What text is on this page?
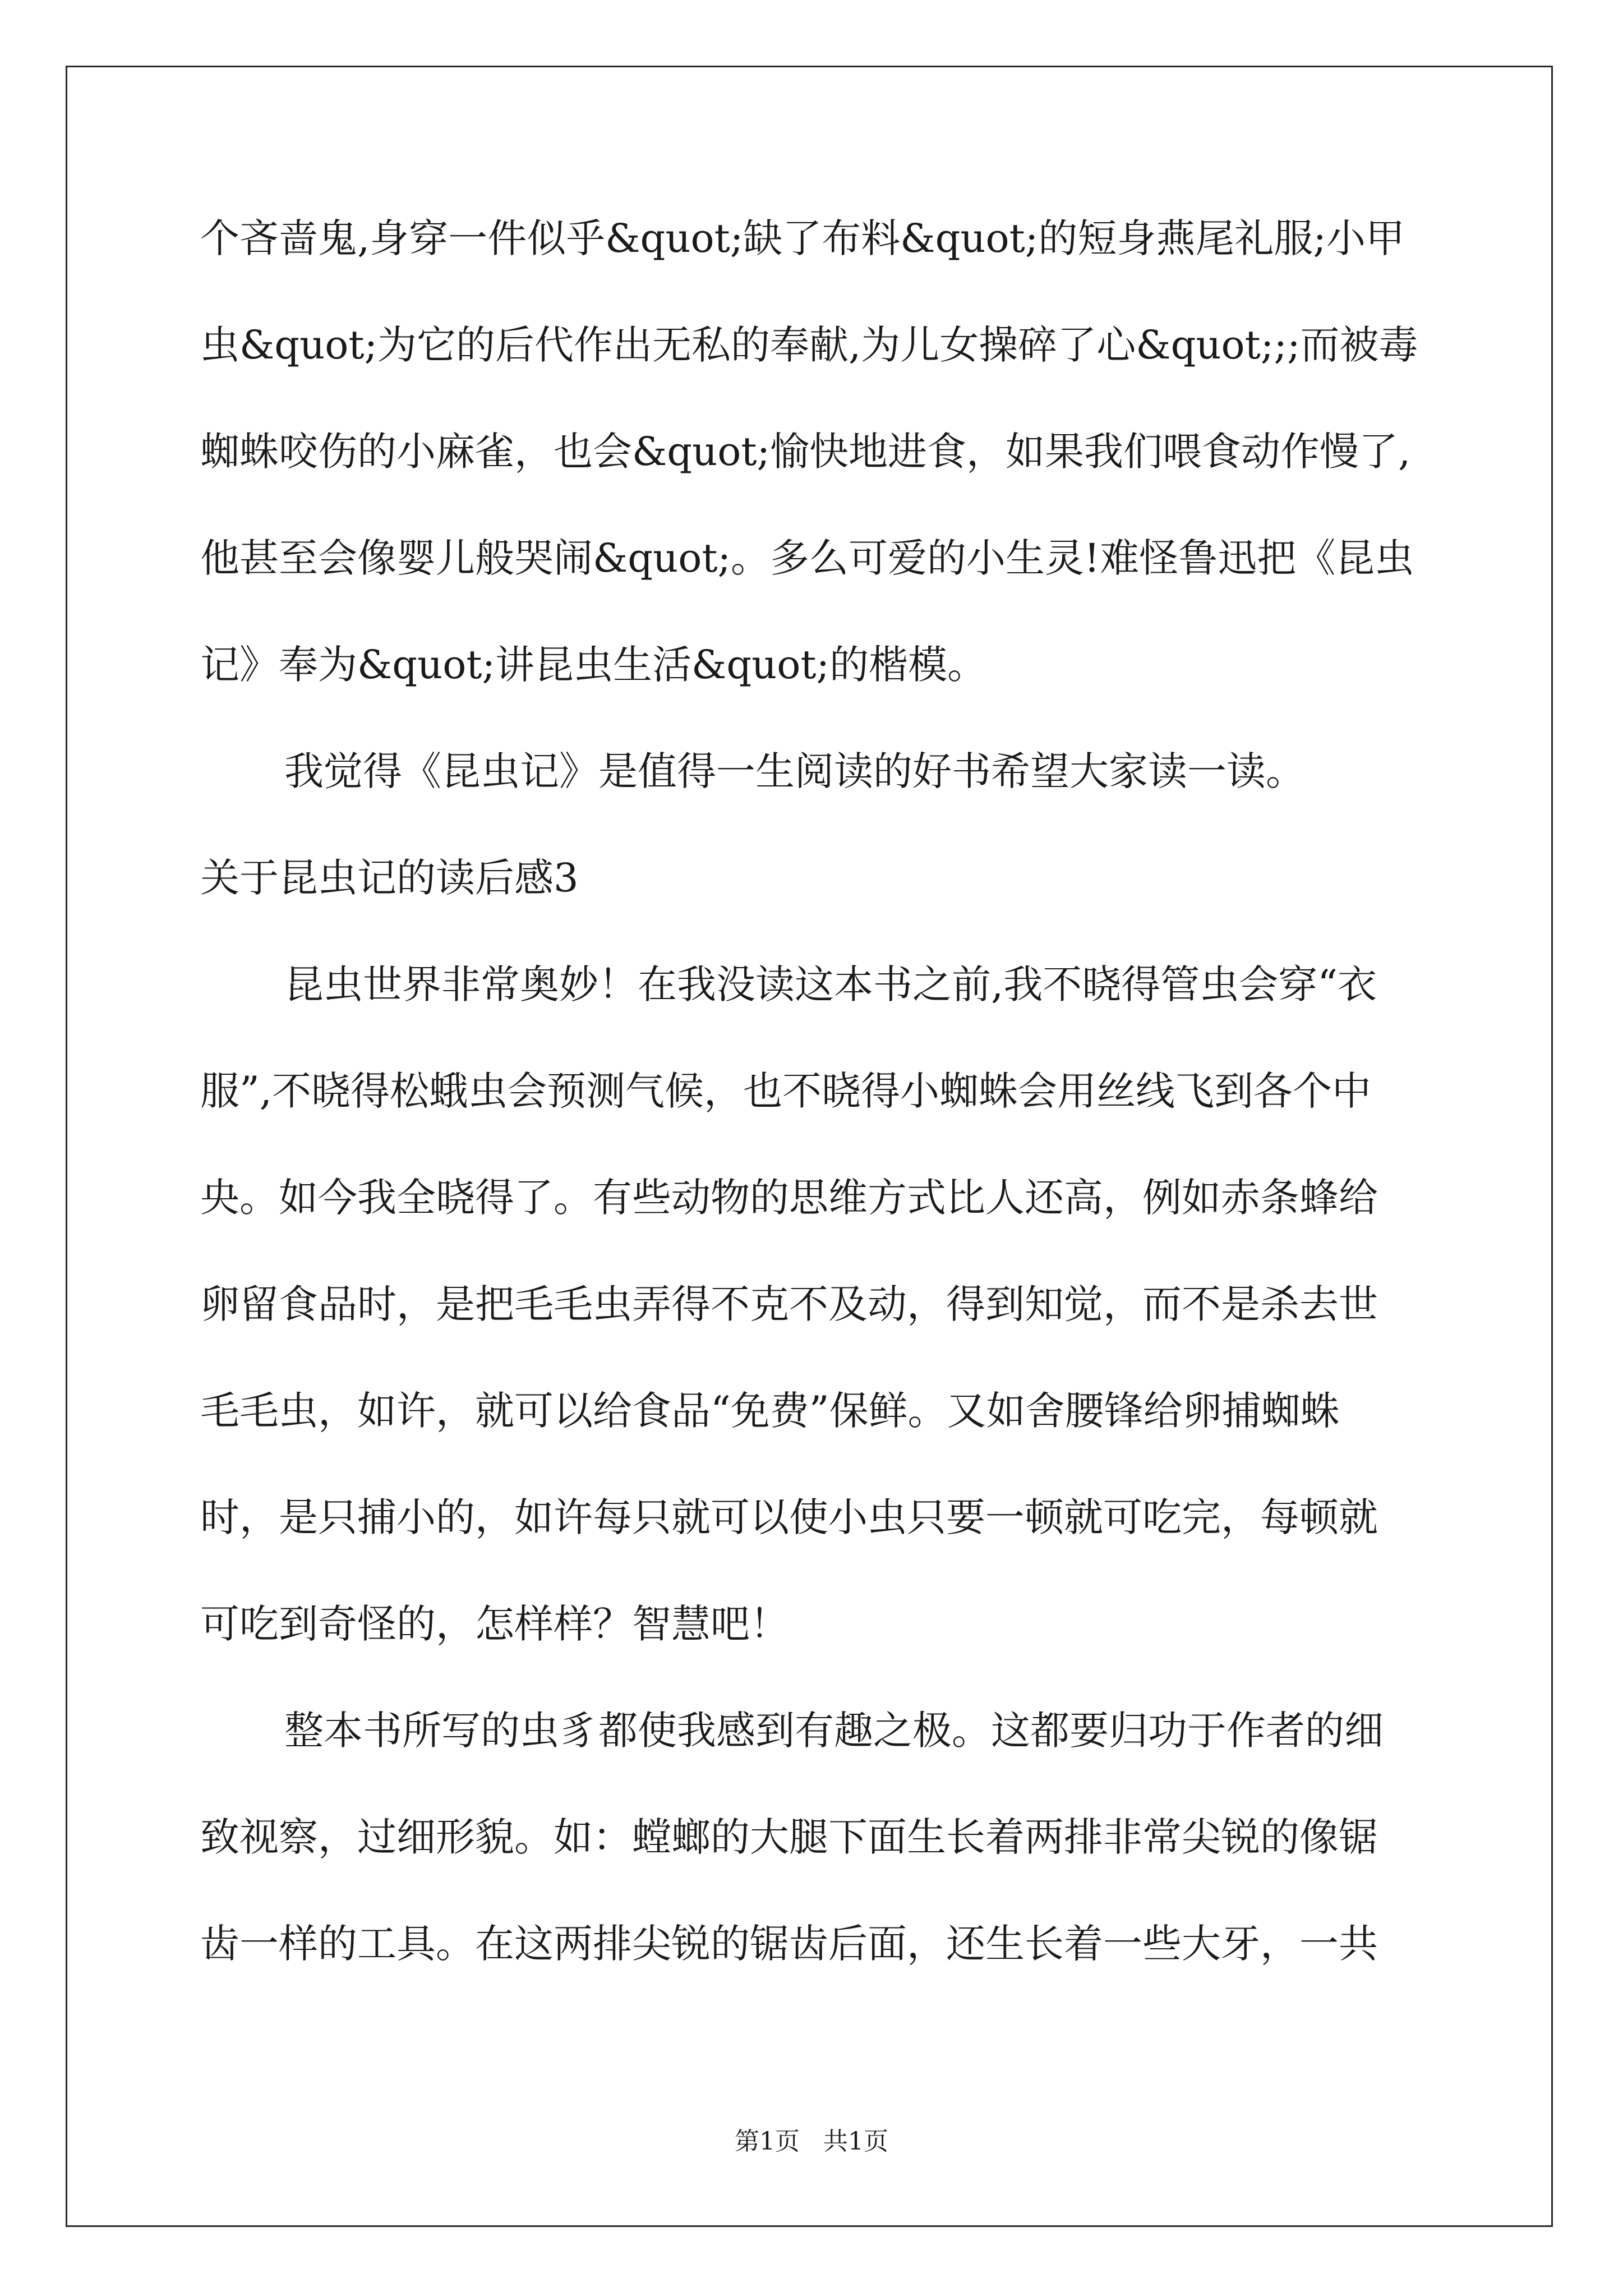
个吝啬鬼,身穿一件似乎&quot;缺了布料&quot;的短身燕尾礼服;小甲
虫&quot;为它的后代作出无私的奉献,为儿女操碎了心&quot;;;而被毒
蜘蛛咬伤的小麻雀，也会&quot;愉快地进食，如果我们喂食动作慢了,
他甚至会像婴儿般哭闹&quot;。多么可爱的小生灵!难怪鲁迅把《昆虫
记》奉为&quot;讲昆虫生活&quot;的楷模。
我觉得《昆虫记》是值得一生阅读的好书希望大家读一读。
关于昆虫记的读后感3
昆虫世界非常奥妙！在我没读这本书之前,我不晓得管虫会穿“衣
服”,不晓得松蛾虫会预测气候，也不晓得小蜘蛛会用丝线飞到各个中
央。如今我全晓得了。有些动物的思维方式比人还高，例如赤条蜂给
卵留食品时，是把毛毛虫弄得不克不及动，得到知觉，而不是杀去世
毛毛虫，如许，就可以给食品“免费”保鲜。又如舍腰锋给卵捕蜘蛛
时，是只捕小的，如许每只就可以使小虫只要一顿就可吃完，每顿就
可吃到奇怪的，怎样样？智慧吧！
整本书所写的虫豸都使我感到有趣之极。这都要归功于作者的细
致视察，过细形貌。如：螳螂的大腿下面生长着两排非常尖锐的像锯
齿一样的工具。在这两排尖锐的锯齿后面，还生长着一些大牙，一共
第1页   共1页
